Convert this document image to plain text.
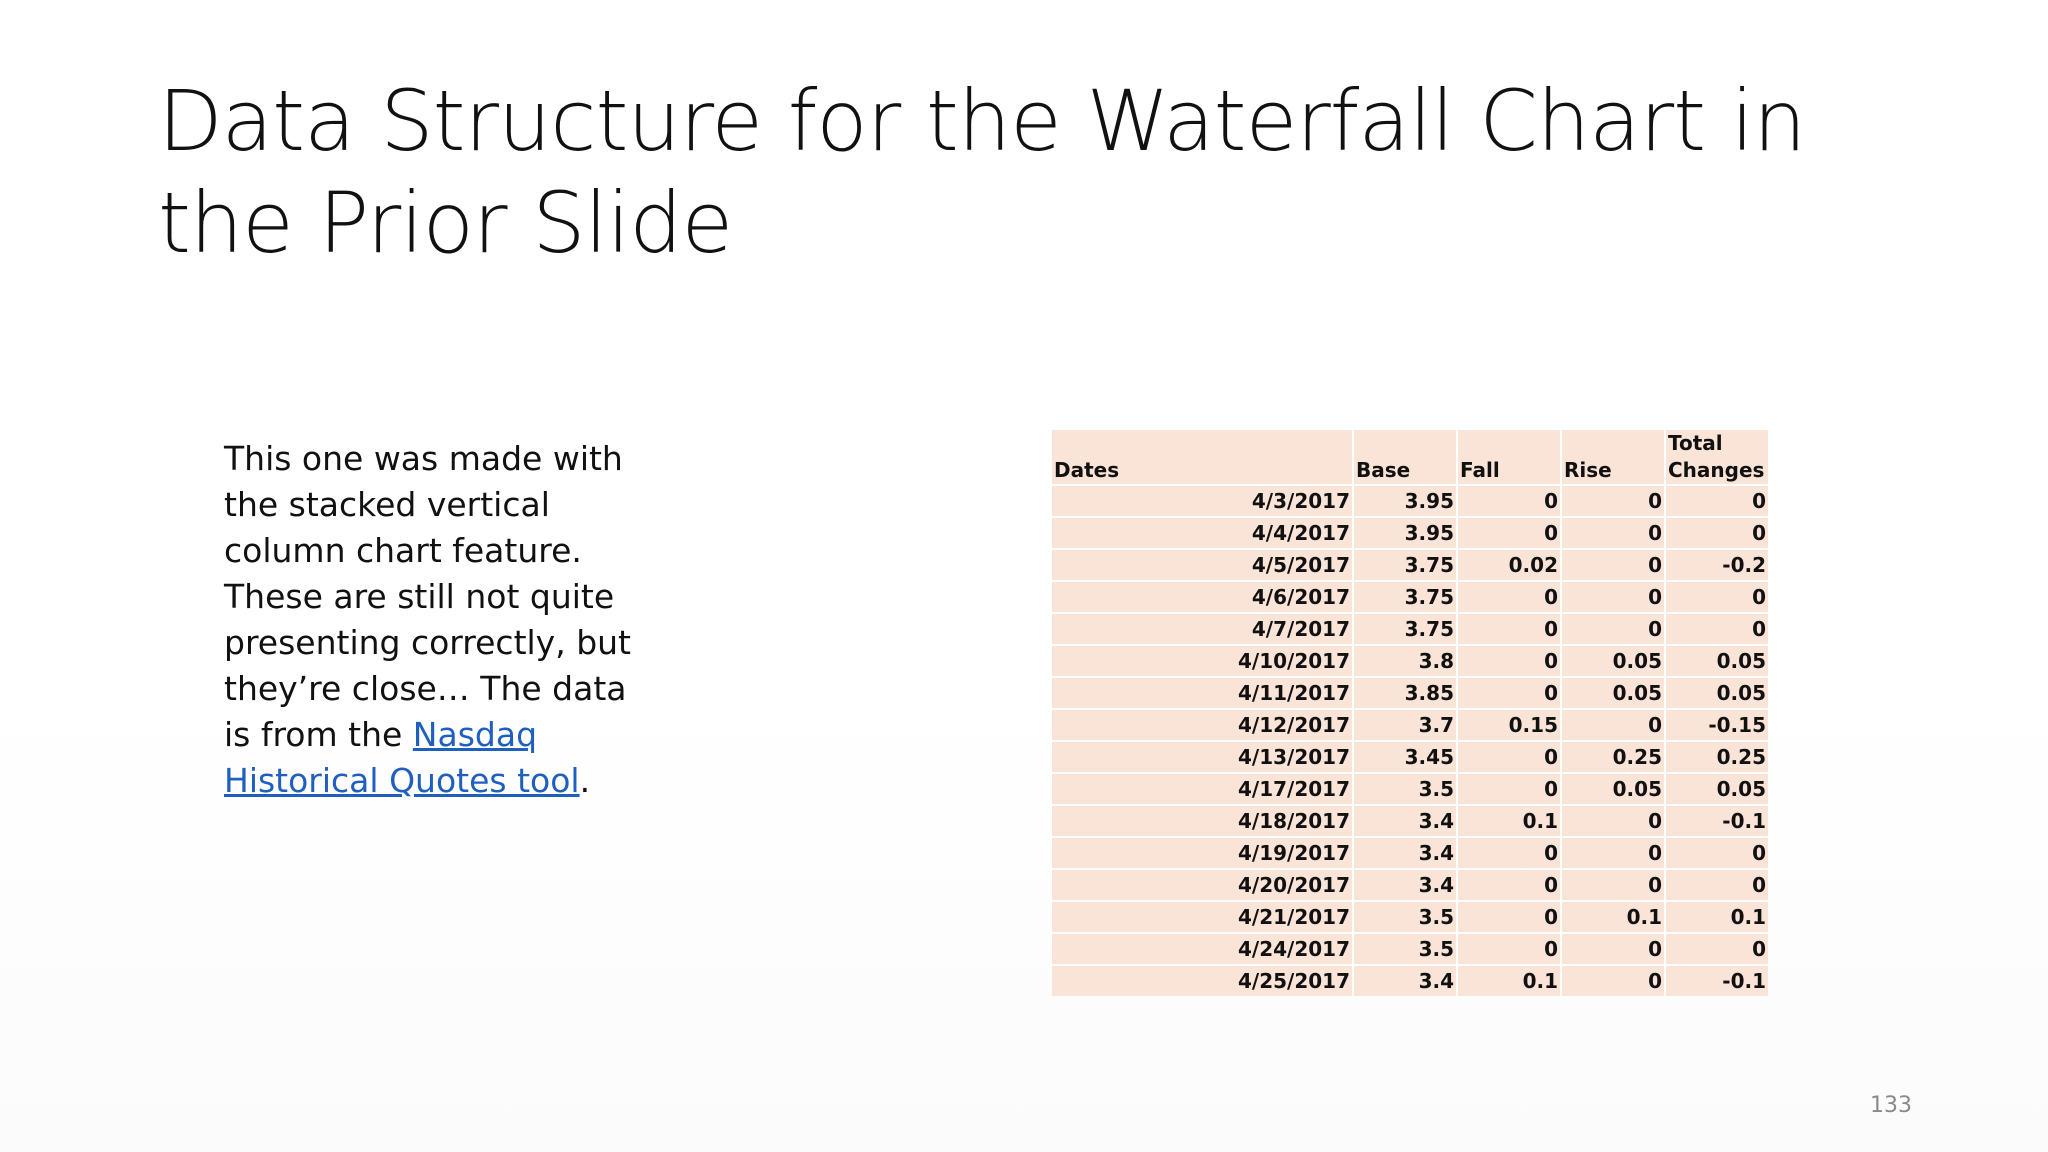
Data Structure for the Waterfall Chart in the Prior Slide
This one was made with the stacked vertical column chart feature. These are still not quite presenting correctly, but they’re close… The data is from the Nasdaq Historical Quotes tool.
Dates	Base	Fall	Rise	Total
Changes
4/3/2017	3.95	0	0	0
4/4/2017	3.95	0	0	0
4/5/2017	3.75	0.02	0	-0.2
4/6/2017	3.75	0	0	0
4/7/2017	3.75	0	0	0
4/10/2017	3.8	0	0.05	0.05
4/11/2017	3.85	0	0.05	0.05
4/12/2017	3.7	0.15	0	-0.15
4/13/2017	3.45	0	0.25	0.25
4/17/2017	3.5	0	0.05	0.05
4/18/2017	3.4	0.1	0	-0.1
4/19/2017	3.4	0	0	0
4/20/2017	3.4	0	0	0
4/21/2017	3.5	0	0.1	0.1
4/24/2017	3.5	0	0	0
4/25/2017	3.4	0.1	0	-0.1
133
